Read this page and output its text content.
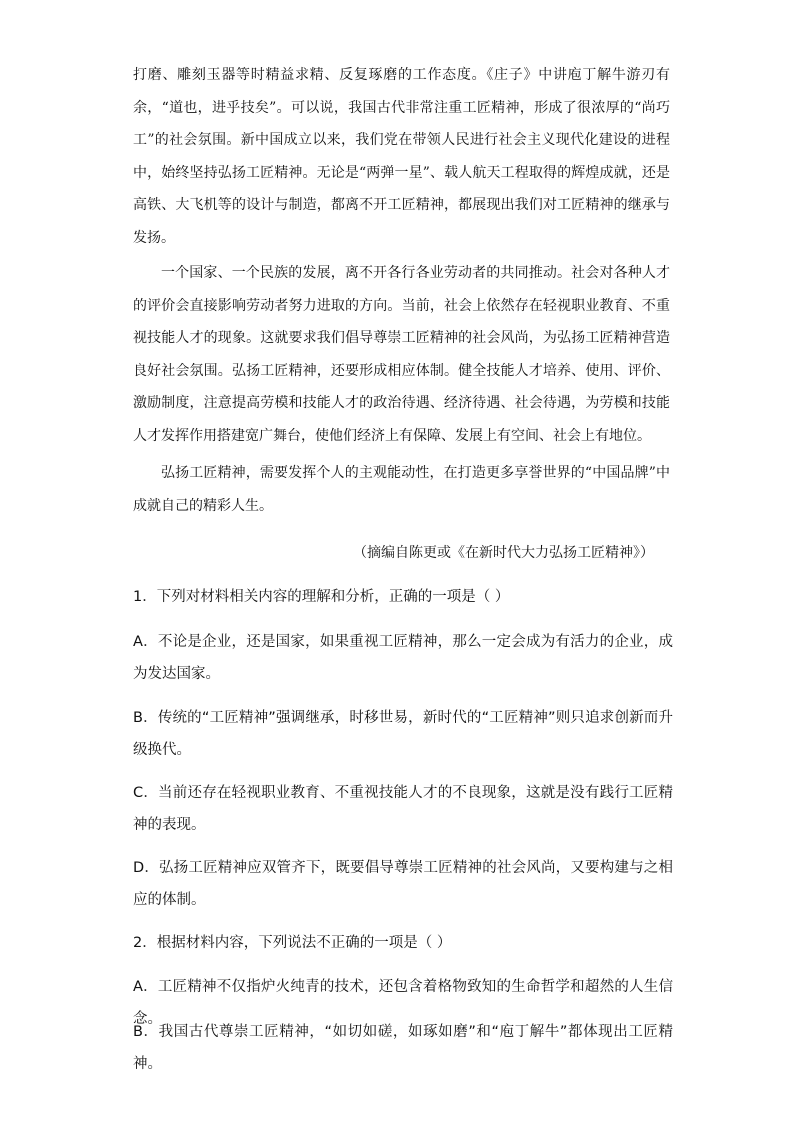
打磨、雕刻玉器等时精益求精、反复琢磨的工作态度。《庄子》中讲庖丁解牛游刃有余，“道也，进乎技矣”。可以说，我国古代非常注重工匠精神，形成了很浓厚的“尚巧工”的社会氛围。新中国成立以来，我们党在带领人民进行社会主义现代化建设的进程中，始终坚持弘扬工匠精神。无论是“两弹一星”、载人航天工程取得的辉煌成就，还是高铁、大飞机等的设计与制造，都离不开工匠精神，都展现出我们对工匠精神的继承与发扬。

一个国家、一个民族的发展，离不开各行各业劳动者的共同推动。社会对各种人才的评价会直接影响劳动者努力进取的方向。当前，社会上依然存在轻视职业教育、不重视技能人才的现象。这就要求我们倡导尊崇工匠精神的社会风尚，为弘扬工匠精神营造良好社会氛围。弘扬工匠精神，还要形成相应体制。健全技能人才培养、使用、评价、激励制度，注意提高劳模和技能人才的政治待遇、经济待遇、社会待遇，为劳模和技能人才发挥作用搭建宽广舞台，使他们经济上有保障、发展上有空间、社会上有地位。

弘扬工匠精神，需要发挥个人的主观能动性，在打造更多享誉世界的“中国品牌”中成就自己的精彩人生。

（摘编自陈更或《在新时代大力弘扬工匠精神》）

1．下列对材料相关内容的理解和分析，正确的一项是（ ）

A．不论是企业，还是国家，如果重视工匠精神，那么一定会成为有活力的企业，成为发达国家。

B．传统的“工匠精神”强调继承，时移世易，新时代的“工匠精神”则只追求创新而升级换代。

C．当前还存在轻视职业教育、不重视技能人才的不良现象，这就是没有践行工匠精神的表现。

D．弘扬工匠精神应双管齐下，既要倡导尊崇工匠精神的社会风尚，又要构建与之相应的体制。

2．根据材料内容，下列说法不正确的一项是（ ）

A．工匠精神不仅指炉火纯青的技术，还包含着格物致知的生命哲学和超然的人生信念。

B．我国古代尊崇工匠精神，“如切如磋，如琢如磨”和“庖丁解牛”都体现出工匠精神。
